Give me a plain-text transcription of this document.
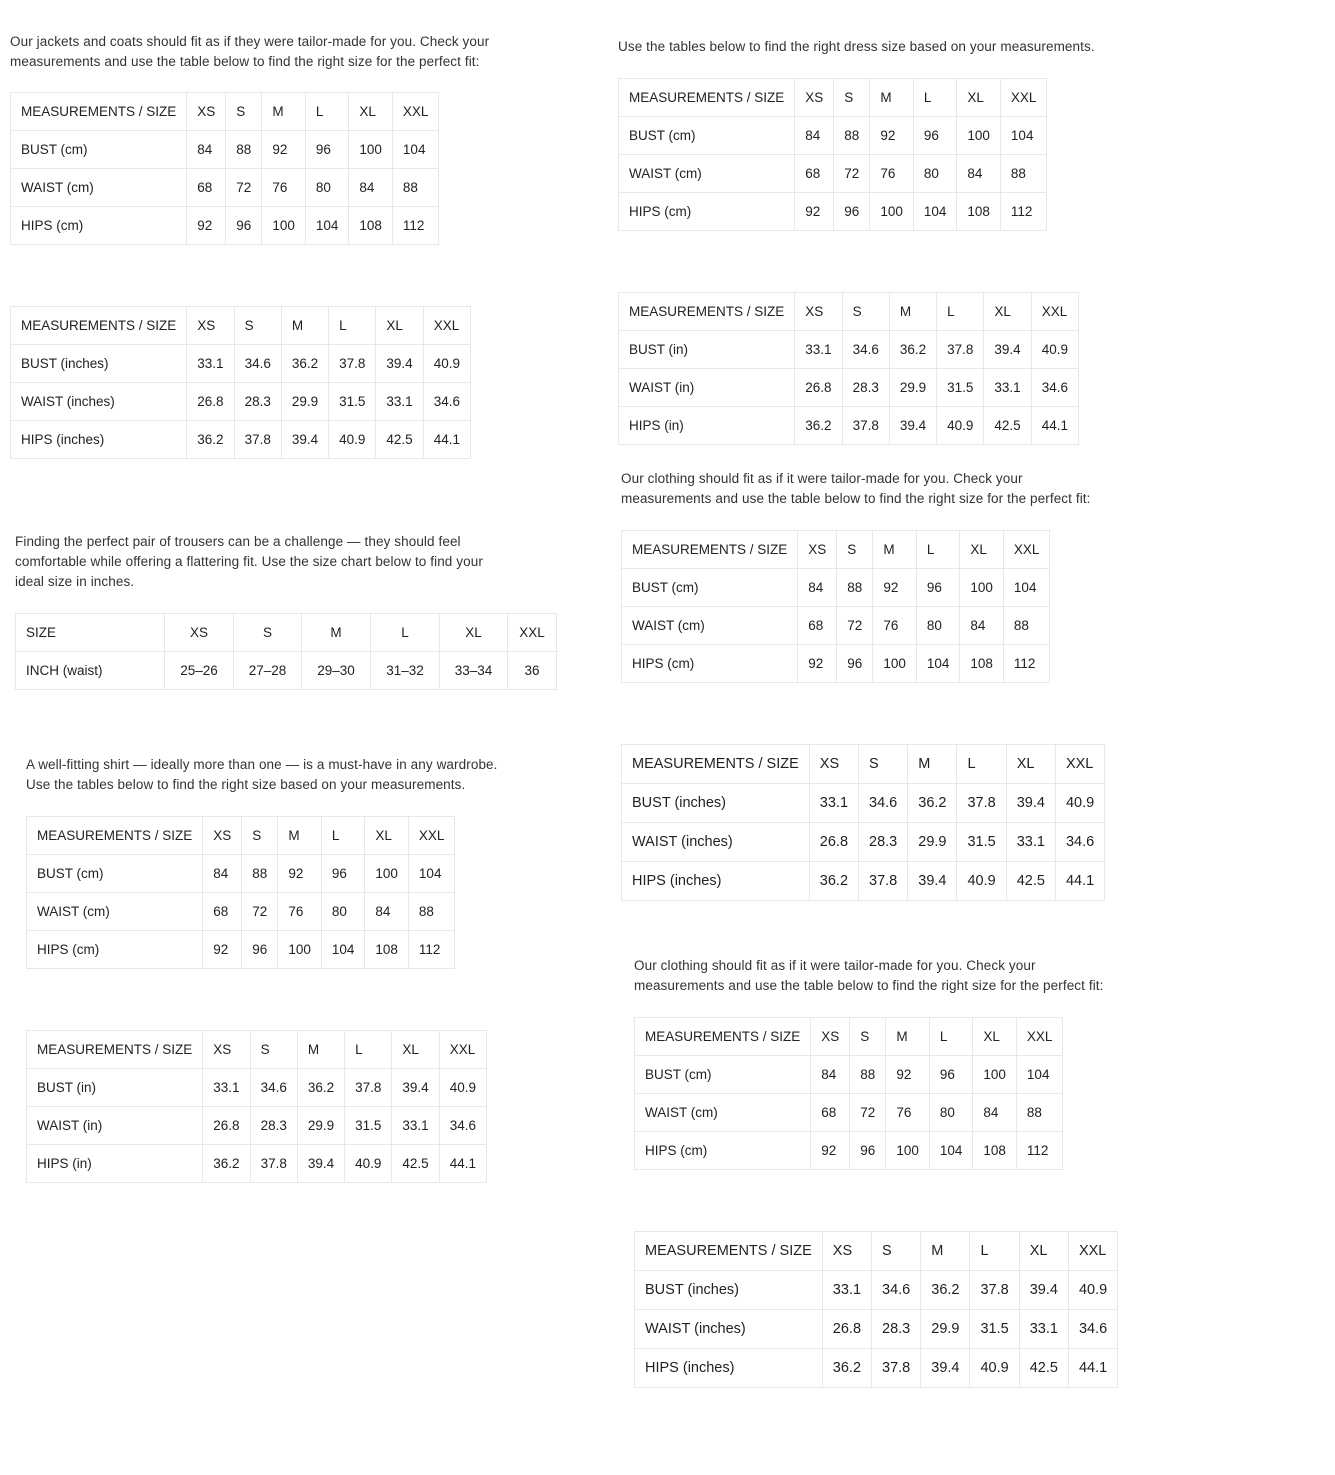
Our jackets and coats should fit as if they were tailor-made for you. Check your
measurements and use the table below to find the right size for the perfect fit:

MEASUREMENTS / SIZE	XS	S	M	L	XL	XXL
BUST (cm)	84	88	92	96	100	104
WAIST (cm)	68	72	76	80	84	88
HIPS (cm)	92	96	100	104	108	112
MEASUREMENTS / SIZE	XS	S	M	L	XL	XXL
BUST (inches)	33.1	34.6	36.2	37.8	39.4	40.9
WAIST (inches)	26.8	28.3	29.9	31.5	33.1	34.6
HIPS (inches)	36.2	37.8	39.4	40.9	42.5	44.1

Finding the perfect pair of trousers can be a challenge — they should feel
comfortable while offering a flattering fit. Use the size chart below to find your
ideal size in inches.

SIZE	XS	S	M	L	XL	XXL
INCH (waist)	25–26	27–28	29–30	31–32	33–34	36

A well-fitting shirt — ideally more than one — is a must-have in any wardrobe.
Use the tables below to find the right size based on your measurements.

MEASUREMENTS / SIZE	XS	S	M	L	XL	XXL
BUST (cm)	84	88	92	96	100	104
WAIST (cm)	68	72	76	80	84	88
HIPS (cm)	92	96	100	104	108	112
MEASUREMENTS / SIZE	XS	S	M	L	XL	XXL
BUST (in)	33.1	34.6	36.2	37.8	39.4	40.9
WAIST (in)	26.8	28.3	29.9	31.5	33.1	34.6
HIPS (in)	36.2	37.8	39.4	40.9	42.5	44.1

Use the tables below to find the right dress size based on your measurements.

MEASUREMENTS / SIZE	XS	S	M	L	XL	XXL
BUST (cm)	84	88	92	96	100	104
WAIST (cm)	68	72	76	80	84	88
HIPS (cm)	92	96	100	104	108	112
MEASUREMENTS / SIZE	XS	S	M	L	XL	XXL
BUST (in)	33.1	34.6	36.2	37.8	39.4	40.9
WAIST (in)	26.8	28.3	29.9	31.5	33.1	34.6
HIPS (in)	36.2	37.8	39.4	40.9	42.5	44.1

Our clothing should fit as if it were tailor-made for you. Check your
measurements and use the table below to find the right size for the perfect fit:

MEASUREMENTS / SIZE	XS	S	M	L	XL	XXL
BUST (cm)	84	88	92	96	100	104
WAIST (cm)	68	72	76	80	84	88
HIPS (cm)	92	96	100	104	108	112
MEASUREMENTS / SIZE	XS	S	M	L	XL	XXL
BUST (inches)	33.1	34.6	36.2	37.8	39.4	40.9
WAIST (inches)	26.8	28.3	29.9	31.5	33.1	34.6
HIPS (inches)	36.2	37.8	39.4	40.9	42.5	44.1

Our clothing should fit as if it were tailor-made for you. Check your
measurements and use the table below to find the right size for the perfect fit:

MEASUREMENTS / SIZE	XS	S	M	L	XL	XXL
BUST (cm)	84	88	92	96	100	104
WAIST (cm)	68	72	76	80	84	88
HIPS (cm)	92	96	100	104	108	112
MEASUREMENTS / SIZE	XS	S	M	L	XL	XXL
BUST (inches)	33.1	34.6	36.2	37.8	39.4	40.9
WAIST (inches)	26.8	28.3	29.9	31.5	33.1	34.6
HIPS (inches)	36.2	37.8	39.4	40.9	42.5	44.1
